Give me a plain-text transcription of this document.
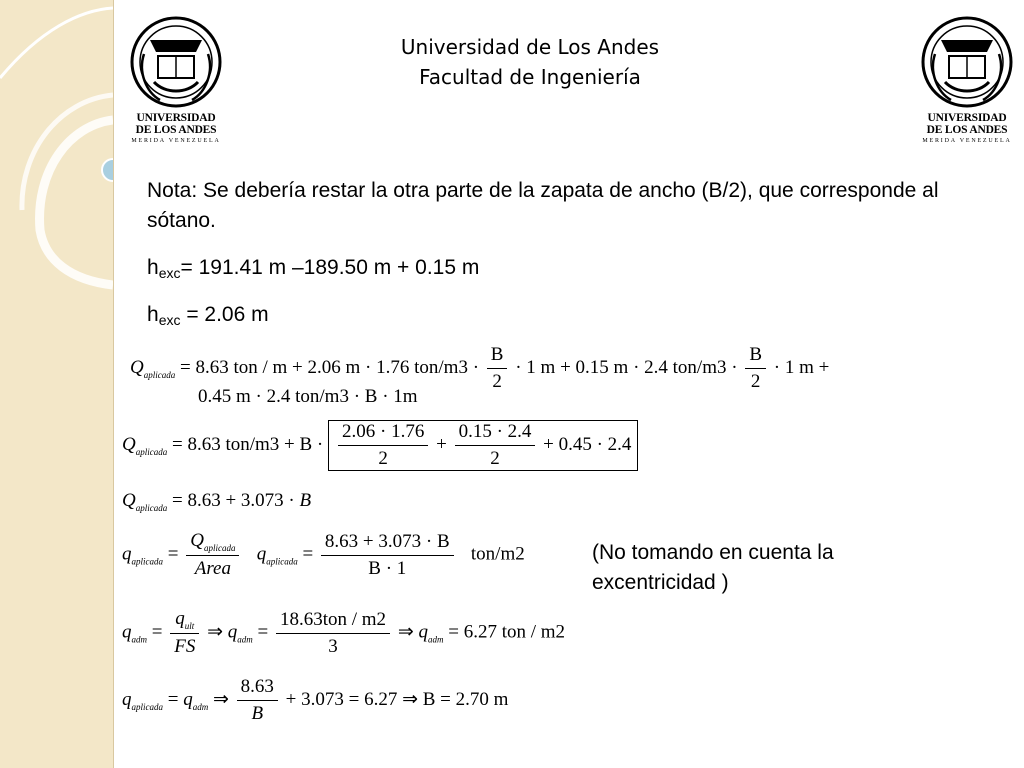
UNIVERSIDAD
DE LOS ANDES
MERIDA VENEZUELA
UNIVERSIDAD
DE LOS ANDES
MERIDA VENEZUELA
Universidad de Los Andes
Facultad de Ingeniería
Nota: Se debería restar la otra parte de la zapata de ancho (B/2), que corresponde al sótano.
$h_{exc}= 191.41$ m –189.50 m + 0.15 m
$h_{exc} = 2.06$ m
$Q_{aplicada} = 8.63$ ton / m + 2.06 m · 1.76 $ton/m3 \cdot \frac{B}{2} \cdot 1$ m + 0.15 m · 2.4 $ton/m3 \cdot \frac{B}{2} \cdot 1$ m +
0.45 m · 2.4 ton/m3 · B · 1m
$Q_{aplicada} = 8.63$ $ton/m3 + B \cdot \frac{2.06 \cdot 1.76}{2} + \frac{0.15 \cdot 2.4}{2} + 0.45 \cdot 2.4$
$Q_{aplicada} = 8.63 + 3.073 \cdot B$
$q_{aplicada} = \frac{Q_{aplicada}}{\text{Area}} q_{aplicada} = \frac{8.63 + 3.073 \cdot B}{B \cdot 1} ton/m2$	(No tomando en cuenta la excentricidad )
$q_{adm} = \frac{q_{ult}}{FS}$ ⇒ $q_{adm} = \frac{\text{18.63ton / m2}}{3}$ ⇒ $q_{adm} = 6.27$ ton / m2
$q_{aplicada} = q_{adm}$ ⇒ $\frac{8.63}{B} + 3.073 = 6.27$ ⇒ B = 2.70 m
